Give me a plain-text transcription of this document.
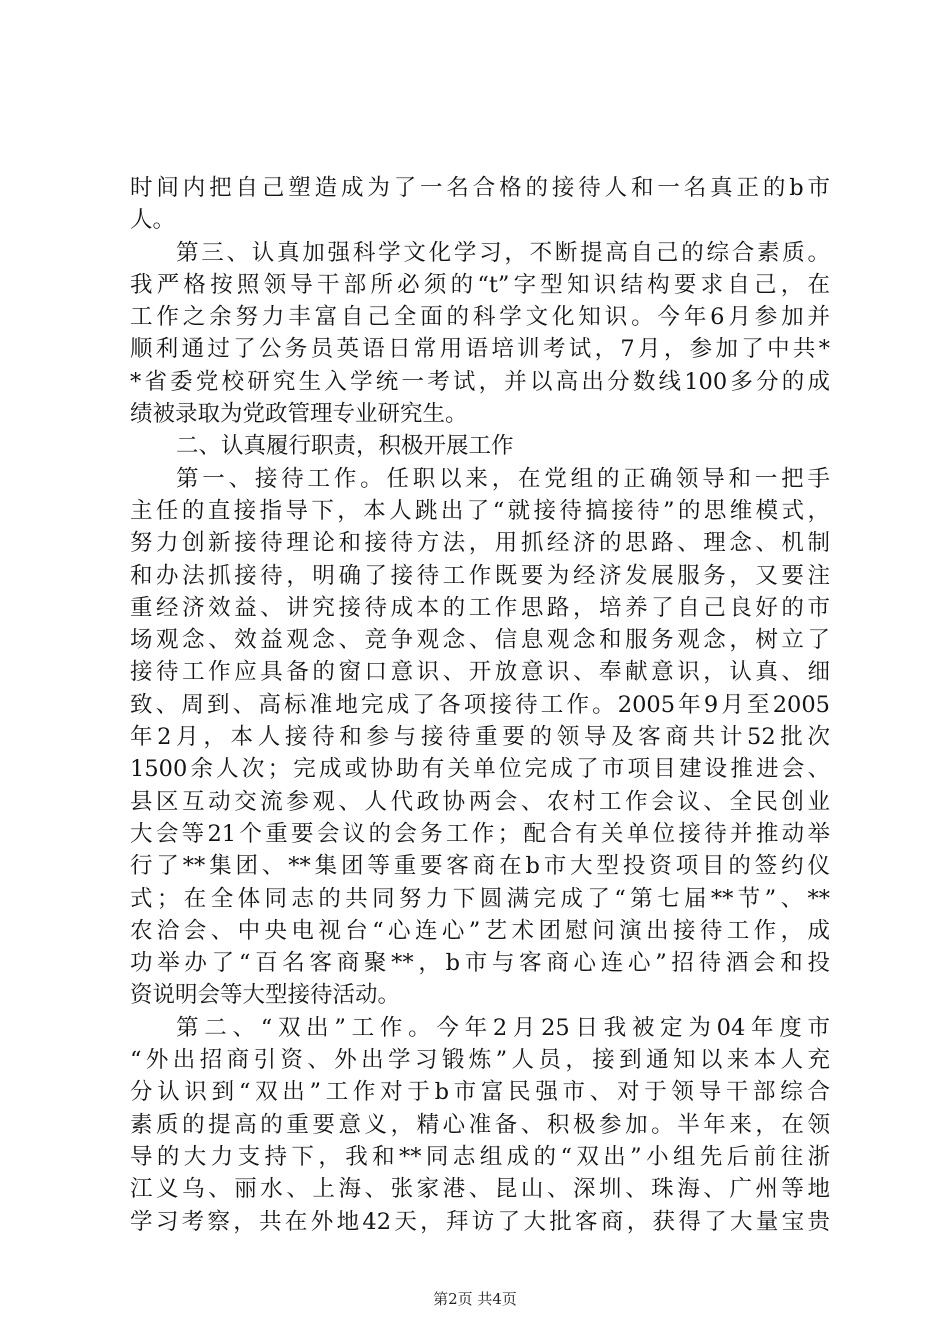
时间内把自己塑造成为了一名合格的接待人和一名真正的b市
人。
第三、认真加强科学文化学习，不断提高自己的综合素质。
我严格按照领导干部所必须的“t”字型知识结构要求自己，在
工作之余努力丰富自己全面的科学文化知识。今年6月参加并
顺利通过了公务员英语日常用语培训考试，7月，参加了中共*
*省委党校研究生入学统一考试，并以高出分数线100多分的成
绩被录取为党政管理专业研究生。
二、认真履行职责，积极开展工作
第一、接待工作。任职以来，在党组的正确领导和一把手
主任的直接指导下，本人跳出了“就接待搞接待”的思维模式，
努力创新接待理论和接待方法，用抓经济的思路、理念、机制
和办法抓接待，明确了接待工作既要为经济发展服务，又要注
重经济效益、讲究接待成本的工作思路，培养了自己良好的市
场观念、效益观念、竞争观念、信息观念和服务观念，树立了
接待工作应具备的窗口意识、开放意识、奉献意识，认真、细
致、周到、高标准地完成了各项接待工作。2005年9月至2005
年2月，本人接待和参与接待重要的领导及客商共计52批次
1500余人次；完成或协助有关单位完成了市项目建设推进会、
县区互动交流参观、人代政协两会、农村工作会议、全民创业
大会等21个重要会议的会务工作；配合有关单位接待并推动举
行了**集团、**集团等重要客商在b市大型投资项目的签约仪
式；在全体同志的共同努力下圆满完成了“第七届**节”、**
农洽会、中央电视台“心连心”艺术团慰问演出接待工作，成
功举办了“百名客商聚**，b市与客商心连心”招待酒会和投
资说明会等大型接待活动。
第二、“双出”工作。今年2月25日我被定为04年度市
“外出招商引资、外出学习锻炼”人员，接到通知以来本人充
分认识到“双出”工作对于b市富民强市、对于领导干部综合
素质的提高的重要意义，精心准备、积极参加。半年来，在领
导的大力支持下，我和**同志组成的“双出”小组先后前往浙
江义乌、丽水、上海、张家港、昆山、深圳、珠海、广州等地
学习考察，共在外地42天，拜访了大批客商，获得了大量宝贵
第2页 共4页
